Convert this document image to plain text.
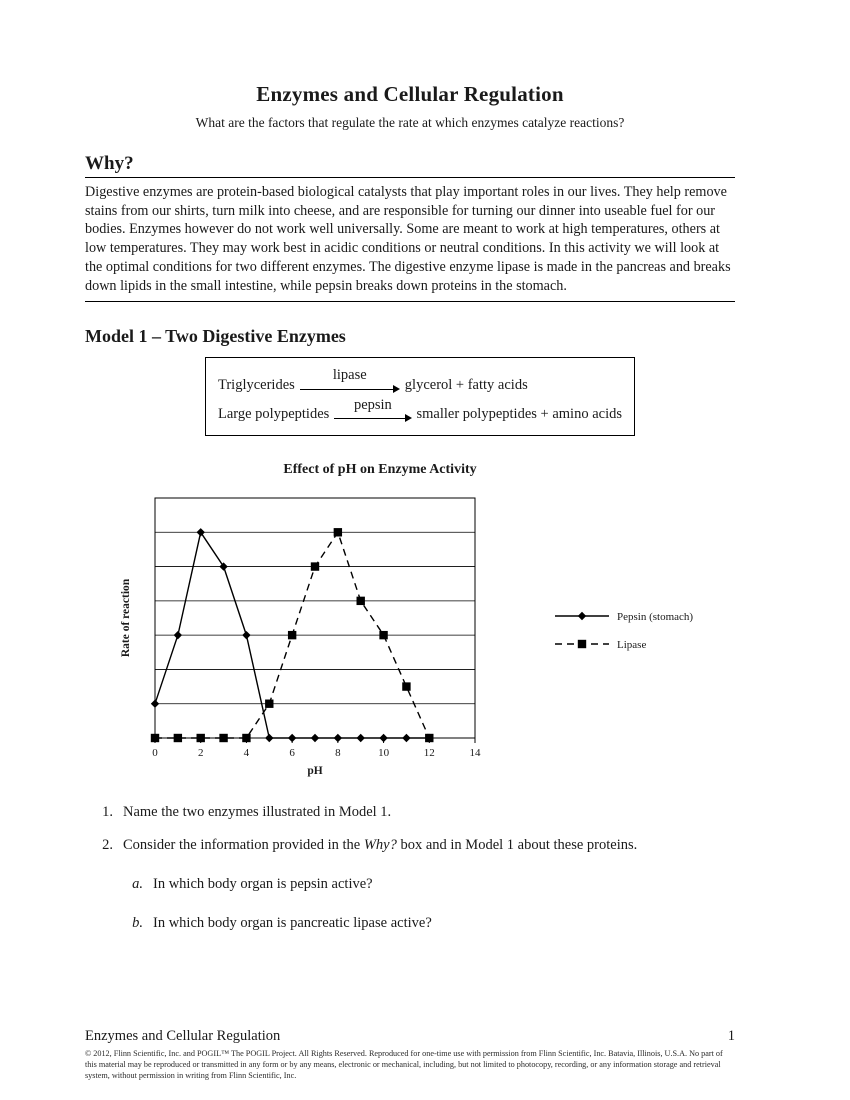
Enzymes and Cellular Regulation
What are the factors that regulate the rate at which enzymes catalyze reactions?
Why?

Digestive enzymes are protein-based biological catalysts that play important roles in our lives. They help remove stains from our shirts, turn milk into cheese, and are responsible for turning our dinner into useable fuel for our bodies. Enzymes however do not work well universally. Some are meant to work at high temperatures, others at low temperatures. They may work best in acidic conditions or neutral conditions. In this activity we will look at the optimal conditions for two different enzymes. The digestive enzyme lipase is made in the pancreas and breaks down lipids in the small intestine, while pepsin breaks down proteins in the stomach.

Model 1 – Two Digestive Enzymes
Triglycerides
lipase
glycerol + fatty acids
Large polypeptides
pepsin
smaller polypeptides + amino acids
Effect of pH on Enzyme Activity
0	2	4	6	8	10	12	14
pH
Rate of reaction	Pepsin (stomach)
Lipase
1. Name the two enzymes illustrated in Model 1.
2. Consider the information provided in the Why? box and in Model 1 about these proteins.
a. In which body organ is pepsin active?
b. In which body organ is pancreatic lipase active?
Enzymes and Cellular Regulation	1
© 2012, Flinn Scientific, Inc. and POGIL™ The POGIL Project. All Rights Reserved. Reproduced for one-time use with permission from Flinn Scientific, Inc. Batavia, Illinois, U.S.A. No part of this material may be reproduced or transmitted in any form or by any means, electronic or mechanical, including, but not limited to photocopy, recording, or any information storage and retrieval system, without permission in writing from Flinn Scientific, Inc.
